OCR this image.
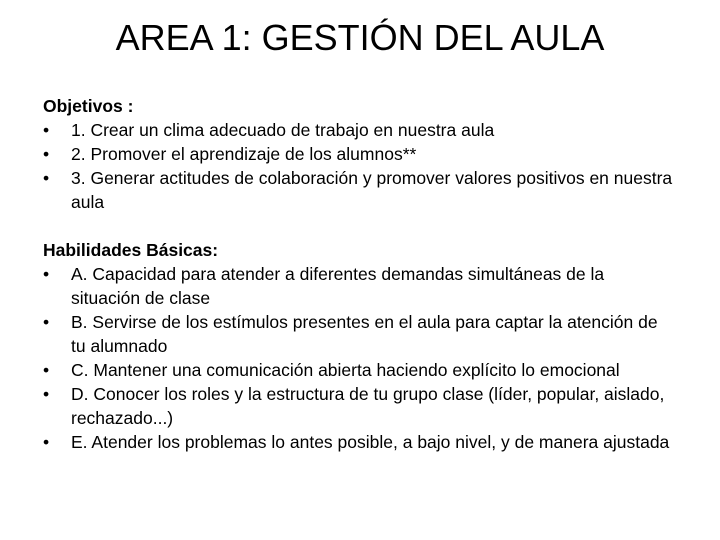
AREA 1: GESTIÓN DEL AULA

Objetivos :

•	1. Crear un clima adecuado de trabajo en nuestra aula
•	2. Promover el aprendizaje de los alumnos**
•	3. Generar actitudes de colaboración y promover valores positivos en nuestra aula

Habilidades Básicas:

•	A. Capacidad para atender a diferentes demandas simultáneas de la situación de clase
•	B. Servirse de los estímulos presentes en el aula para captar la atención de tu alumnado
•	C. Mantener una comunicación abierta haciendo explícito lo emocional
•	D. Conocer los roles y la estructura de tu grupo clase (líder, popular, aislado, rechazado...)
•	E. Atender los problemas lo antes posible, a bajo nivel, y de manera ajustada
